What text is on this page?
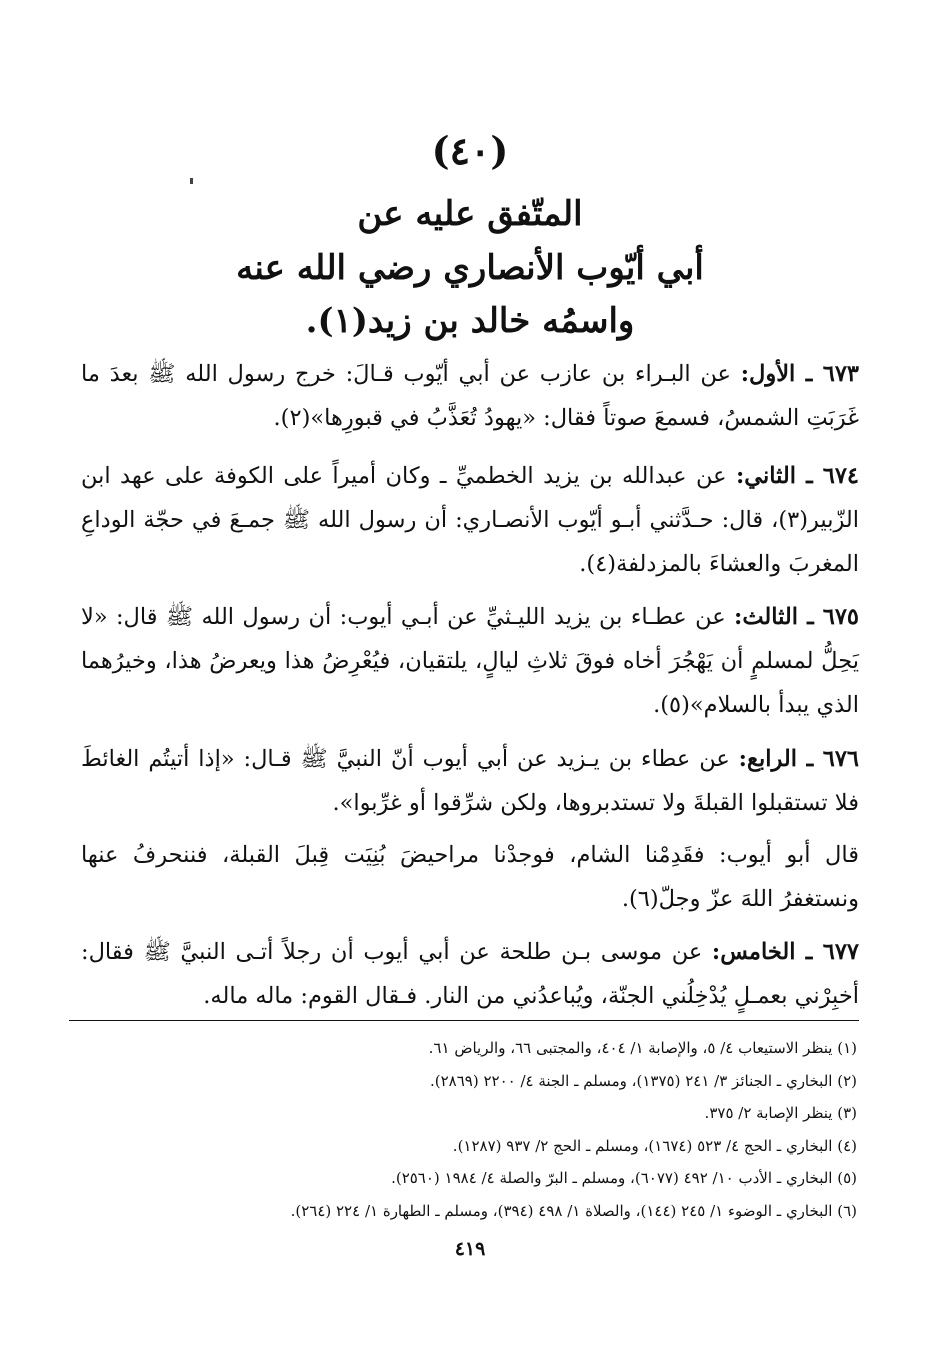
(٤٠)
المتّفق عليه عن
أبي أيّوب الأنصاري رضي الله عنه
واسمُه خالد بن زيد(١).
٦٧٣ ـ الأول: عن البـراء بن عازب عن أبي أيّوب قـالَ: خرج رسول الله ﷺ بعدَ ما غَرَبَتِ الشمسُ، فسمعَ صوتاً فقال: «يهودُ تُعَذَّبُ في قبورِها»(٢).
٦٧٤ ـ الثاني: عن عبدالله بن يزيد الخطميِّ ـ وكان أميراً على الكوفة على عهد ابن الزّبير(٣)، قال: حـدَّثني أبـو أيّوب الأنصـاري: أن رسول الله ﷺ جمـعَ في حجّة الوداعِ المغربَ والعشاءَ بالمزدلفة(٤).
٦٧٥ ـ الثالث: عن عطـاء بن يزيد الليـثيِّ عن أبـي أيوب: أن رسول الله ﷺ قال: «لا يَحِلُّ لمسلمٍ أن يَهْجُرَ أخاه فوقَ ثلاثِ ليالٍ، يلتقيان، فيُعْرِضُ هذا ويعرضُ هذا، وخيرُهما الذي يبدأ بالسلام»(٥).
٦٧٦ ـ الرابع: عن عطاء بن يـزيد عن أبي أيوب أنّ النبيَّ ﷺ قـال: «إذا أتيتُم الغائطَ فلا تستقبلوا القبلةَ ولا تستدبروها، ولكن شرِّقوا أو غرِّبوا».
قال أبو أيوب: فقَدِمْنا الشام، فوجدْنا مراحيضَ بُنِيَت قِبلَ القبلة، فننحرفُ عنها ونستغفرُ اللهَ عزّ وجلّ(٦).
٦٧٧ ـ الخامس: عن موسى بـن طلحة عن أبي أيوب أن رجلاً أتـى النبيَّ ﷺ فقال: أخبِرْني بعمـلٍ يُدْخِلُني الجنّة، ويُباعدُني من النار. فـقال القوم: ماله ماله.
(١) ينظر الاستيعاب ٤/ ٥، والإصابة ١/ ٤٠٤، والمجتبى ٦٦، والرياض ٦١.
(٢) البخاري ـ الجنائز ٣/ ٢٤١ (١٣٧٥)، ومسلم ـ الجنة ٤/ ٢٢٠٠ (٢٨٦٩).
(٣) ينظر الإصابة ٢/ ٣٧٥.
(٤) البخاري ـ الحج ٤/ ٥٢٣ (١٦٧٤)، ومسلم ـ الحج ٢/ ٩٣٧ (١٢٨٧).
(٥) البخاري ـ الأدب ١٠/ ٤٩٢ (٦٠٧٧)، ومسلم ـ البرّ والصلة ٤/ ١٩٨٤ (٢٥٦٠).
(٦) البخاري ـ الوضوء ١/ ٢٤٥ (١٤٤)، والصلاة ١/ ٤٩٨ (٣٩٤)، ومسلم ـ الطهارة ١/ ٢٢٤ (٢٦٤).
٤١٩
